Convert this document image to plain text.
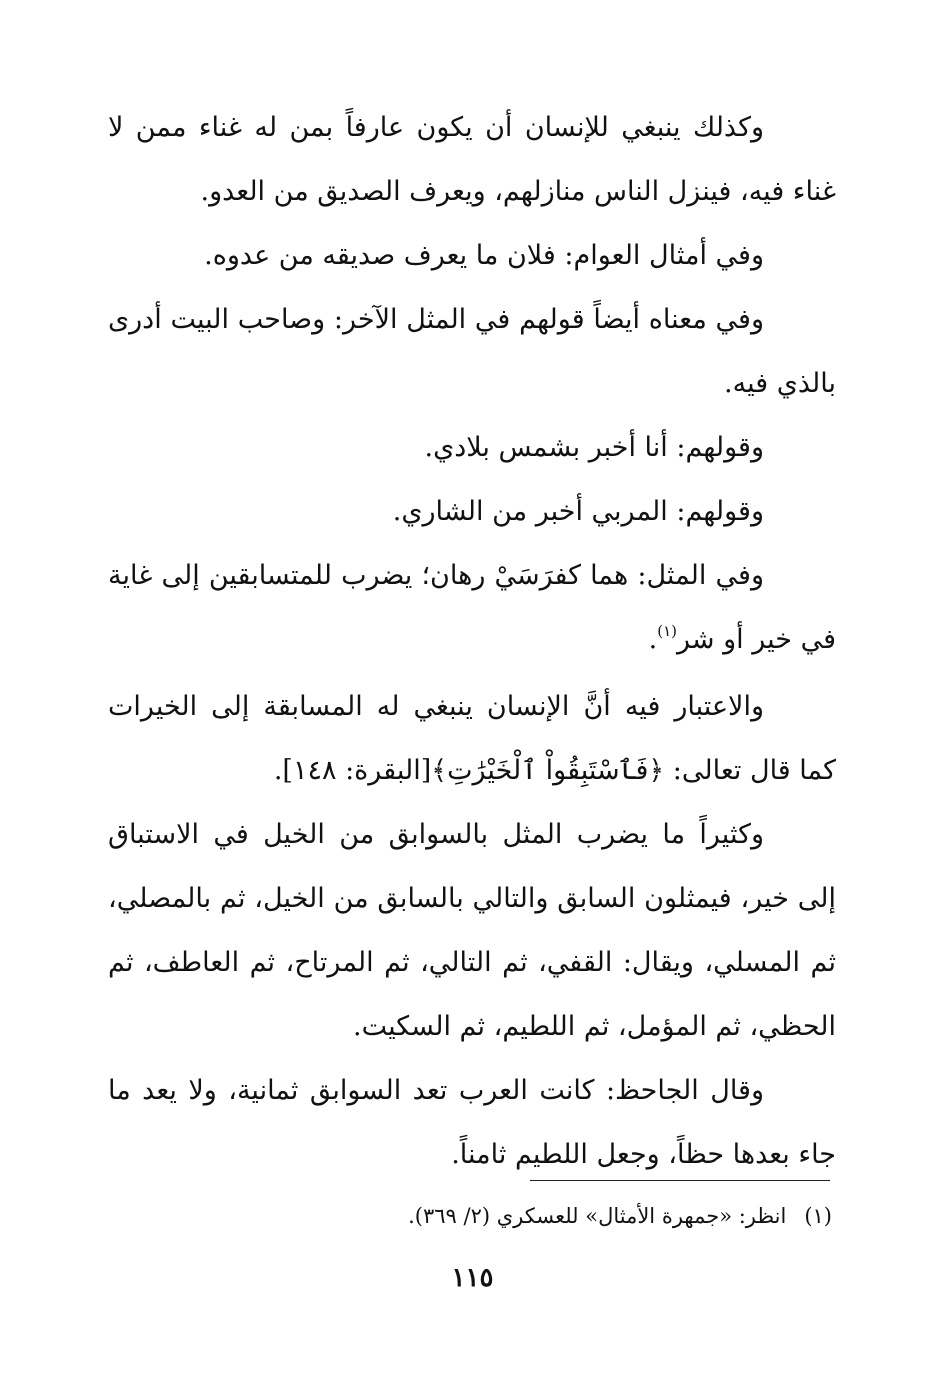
وكذلك ينبغي للإنسان أن يكون عارفاً بمن له غناء ممن لا غناء فيه، فينزل الناس منازلهم، ويعرف الصديق من العدو.

وفي أمثال العوام: فلان ما يعرف صديقه من عدوه.

وفي معناه أيضاً قولهم في المثل الآخر: وصاحب البيت أدرى بالذي فيه.

وقولهم: أنا أخبر بشمس بلادي.

وقولهم: المربي أخبر من الشاري.

وفي المثل: هما كفرَسَيْ رهان؛ يضرب للمتسابقين إلى غاية في خير أو شر$^{(١)}$.

والاعتبار فيه أنَّ الإنسان ينبغي له المسابقة إلى الخيرات كما قال تعالى: ﴿فَٱسْتَبِقُواْ ٱلْخَيْرَٰتِ﴾[البقرة: ١٤٨].

وكثيراً ما يضرب المثل بالسوابق من الخيل في الاستباق إلى خير، فيمثلون السابق والتالي بالسابق من الخيل، ثم بالمصلي، ثم المسلي، ويقال: القفي، ثم التالي، ثم المرتاح، ثم العاطف، ثم الحظي، ثم المؤمل، ثم اللطيم، ثم السكيت.

وقال الجاحظ: كانت العرب تعد السوابق ثمانية، ولا يعد ما جاء بعدها حظاً، وجعل اللطيم ثامناً.

(١)انظر: «جمهرة الأمثال» للعسكري (٢/ ٣٦٩).

١١٥
